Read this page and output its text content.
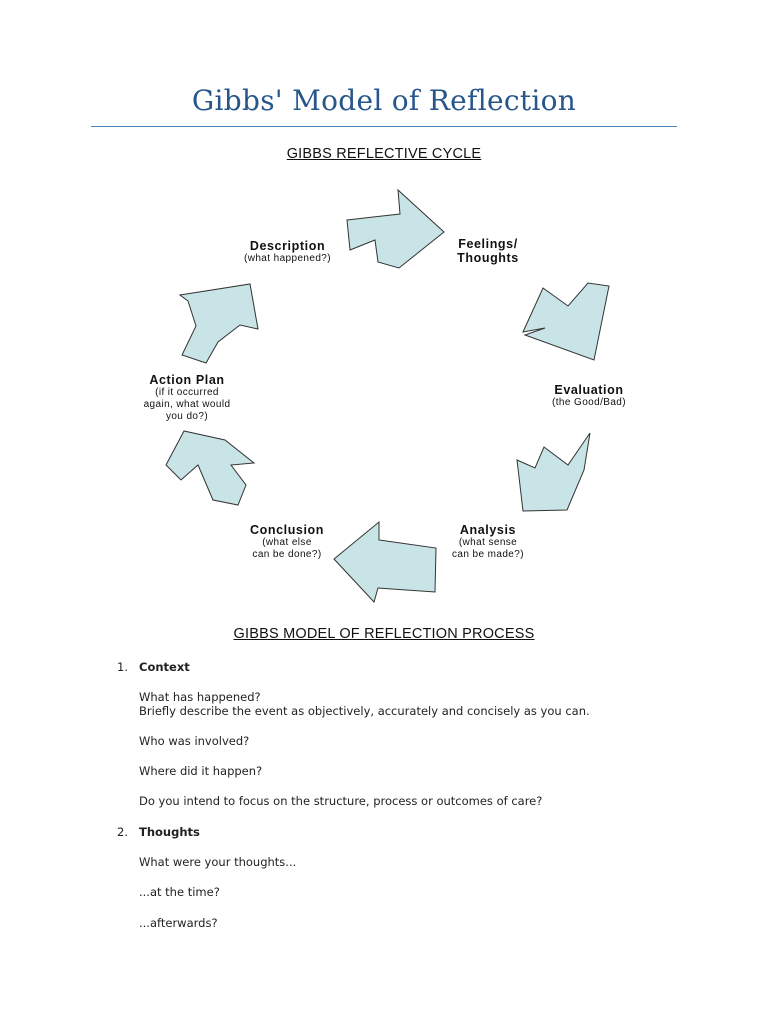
Gibbs' Model of Reflection
GIBBS REFLECTIVE CYCLE
Description
(what happened?)
Feelings/
Thoughts
Evaluation
(the Good/Bad)
Analysis
(what sense
can be made?)
Conclusion
(what else
can be done?)
Action Plan
(if it occurred
again, what would
you do?)
GIBBS MODEL OF REFLECTION PROCESS
1. Context
What has happened?
Briefly describe the event as objectively, accurately and concisely as you can.
Who was involved?
Where did it happen?
Do you intend to focus on the structure, process or outcomes of care?
2. Thoughts
What were your thoughts...
...at the time?
...afterwards?
